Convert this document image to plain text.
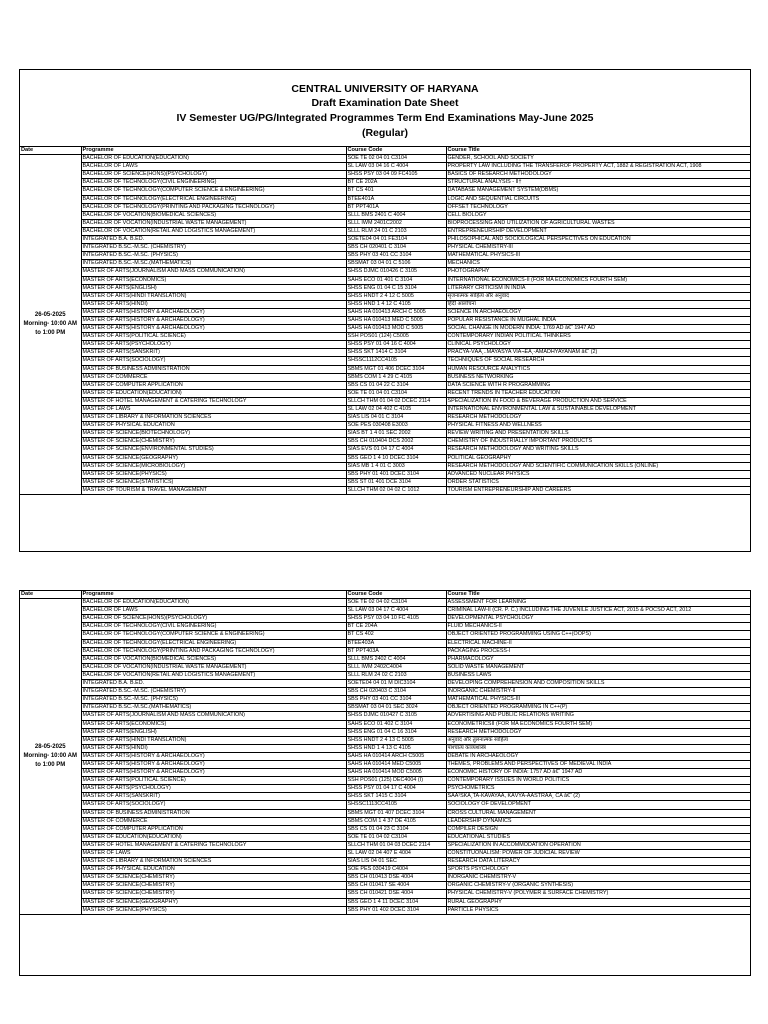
CENTRAL UNIVERSITY OF HARYANA
Draft Examination Date Sheet
IV Semester UG/PG/Integrated Programmes Term End Examinations May-June 2025
(Regular)
Date	Programme	Course Code	Course Title

26-05-2025
Morning- 10:00 AM to 1:00 PM	BACHELOR OF EDUCATION(EDUCATION)	SOE TE 02 04 01 C3104	GENDER, SCHOOL AND SOCIETY
	BACHELOR OF LAWS	SL LAW 03 04 16 C 4004	PROPERTY LAW INCLUDING THE TRANSFEROF PROPERTY ACT, 1882 & REGISTRATION ACT, 1908
	BACHELOR OF SCIENCE(HONS)(PSYCHOLOGY)	SHSS PSY 03 04 09 FC4105	BASICS OF RESEARCH METHODOLOGY
	BACHELOR OF TECHNOLOGY(CIVIL ENGINEERING)	BT CE 202A	STRUCTURAL ANALYSIS - II†
	BACHELOR OF TECHNOLOGY(COMPUTER SCIENCE & ENGINEERING)	BT CS 401	DATABASE MANAGEMENT SYSTEM(DBMS)
	BACHELOR OF TECHNOLOGY(ELECTRICAL ENGINEERING)	BTEE401A	LOGIC AND SEQUENTIAL CIRCUITS
	BACHELOR OF TECHNOLOGY(PRINTING AND PACKAGING TECHNOLOGY)	BT PPT401A	OFFSET TECHNOLOGY
	BACHELOR OF VOCATION(BIOMEDICAL SCIENCES)	SLLL BMS 2401 C 4004	CELL BIOLOGY
	BACHELOR OF VOCATION(INDUSTRIAL WASTE MANAGEMENT)	SLLL IWM 2401C2002	BIOPROCESSING AND UTILIZATION OF AGRICULTURAL WASTES
	BACHELOR OF VOCATION(RETAIL AND LOGISTICS MANAGEMENT)	SLLL RLM 24 01 C 2103	ENTREPRENEURSHIP DEVELOPMENT
	INTEGRATED B.A. B.ED.	SOETE04 04 01 FE3104	PHILOSOPHICAL AND SOCIOLOGICAL PERSPECTIVES ON EDUCATION
	INTEGRATED B.SC.-M.SC. (CHEMISTRY)	SBS CH 020401 C 3104	PHYSICAL CHEMISTRY-III
	INTEGRATED B.SC.-M.SC. (PHYSICS)	SBS PHY 03 401 CC 3104	MATHEMATICAL PHYSICS-III
	INTEGRATED B.SC.-M.SC.(MATHEMATICS)	SBSMAT 03 04 01 C 5106	MECHANICS
	MASTER OF ARTS(JOURNALISM AND MASS COMMUNICATION)	SHSS DJMC 010426 C 3105	PHOTOGRAPHY
	MASTER OF ARTS(ECONOMICS)	SAHS ECO 01 401 C 3104	INTERNATIONAL ECONOMICS-II (FOR MA ECONOMICS FOURTH SEM)
	MASTER OF ARTS(ENGLISH)	SHSS ENG 01 04 C 15 3104	LITERARY CRITICISM IN INDIA
	MASTER OF ARTS(HINDI TRANSLATION)	SHSS HNDT 2 4 12 C 5005	सृजनात्मक साहित्य और अनुवाद
	MASTER OF ARTS(HINDI)	SHSS HND 1 4 12 C 4105	हिंदी आलोचना
	MASTER OF ARTS(HISTORY & ARCHAEOLOGY)	SAHS HA 010413 ARCH C 5005	SCIENCE IN ARCHAEOLOGY
	MASTER OF ARTS(HISTORY & ARCHAEOLOGY)	SAHS HA 010413 MED C 5005	POPULAR RESISTANCE IN MUGHAL INDIA
	MASTER OF ARTS(HISTORY & ARCHAEOLOGY)	SAHS HA 010413 MOD C 5005	SOCIAL CHANGE IN MODERN INDIA: 1769 AD â€“ 1947 AD
	MASTER OF ARTS(POLITICAL SCIENCE)	SSH POS01 (124) C5005	CONTEMPORARY INDIAN POLITICAL THINKERS
	MASTER OF ARTS(PSYCHOLOGY)	SHSS PSY 01 04 16 C 4004	CLINICAL PSYCHOLOGY
	MASTER OF ARTS(SANSKRIT)	SHSS SKT 1414 C 3104	PRÄCYA-VÄÃ¸..MAYASYA VIÃ¬ÉÃ¸-AMADHYAYANAM â€“ (2)
	MASTER OF ARTS(SOCIOLOGY)	SHSSC1112CC4105	TECHNIQUES OF SOCIAL RESEARCH
	MASTER OF BUSINESS ADMINISTRATION	SBMS MGT 01 406 DCEC 3104	HUMAN RESOURCE ANALYTICS
	MASTER OF COMMERCE	SBMS COM 1 4 29 C 4105	BUSINESS NETWORKING
	MASTER OF COMPUTER APPLICATION	SBS CS 01 04 22 C 3104	DATA SCIENCE WITH R PROGRAMMING
	MASTER OF EDUCATION(EDUCATION)	SOE TE 01 04 01 C3104	RECENT TRENDS IN TEACHER EDUCATION
	MASTER OF HOTEL MANAGEMENT & CATERING TECHNOLOGY	SLLCH THM 01 04 02 DCEC 2114	SPECIALIZATION IN FOOD & BEVERAGE PRODUCTION AND SERVICE
	MASTER OF LAWS	SL LAW 02 04 402 C 4105	INTERNATIONAL ENVIRONMENTAL LAW & SUSTAINABLE DEVELOPMENT
	MASTER OF LIBRARY & INFORMATION SCIENCES	SIAS LIS 04 01 C 3104	RESEARCH METHODOLOGY
	MASTER OF PHYSICAL EDUCATION	SOE PES 030408 E3003	PHYSICAL FITNESS AND WELLNESS
	MASTER OF SCIENCE(BIOTECHNOLOGY)	SIAS BT 1 4 01 SEC 2002	REVIEW WRITING AND PRESENTATION SKILLS
	MASTER OF SCIENCE(CHEMISTRY)	SBS CH 010404 DCS 2002	CHEMISTRY OF INDUSTRIALLY IMPORTANT PRODUCTS
	MASTER OF SCIENCE(ENVIRONMENTAL STUDIES)	SIAS EVS 01 04 17 C 4004	RESEARCH METHODOLOGY AND WRITING SKILLS
	MASTER OF SCIENCE(GEOGRAPHY)	SBS GEO 1 4 10 DCEC 3104	POLITICAL GEOGRAPHY
	MASTER OF SCIENCE(MICROBIOLOGY)	SIAS MB 1 4 01 C 3003	RESEARCH METHODOLOGY AND SCIENTIFIC COMMUNICATION SKILLS (ONLINE)
	MASTER OF SCIENCE(PHYSICS)	SBS PHY 01 401 DCEC 3104	ADVANCED NUCLEAR PHYSICS
	MASTER OF SCIENCE(STATISTICS)	SBS ST 01 401 DCE 3104	ORDER STATISTICS
	MASTER OF TOURISM & TRAVEL MANAGEMENT	SLLCH THM 02 04 02 C 1012	TOURISM ENTREPRENEURSHIP AND CAREERS
Date	Programme	Course Code	Course Title

28-05-2025
Morning- 10:00 AM to 1:00 PM	BACHELOR OF EDUCATION(EDUCATION)	SOE TE 02 04 02 C3104	ASSESSMENT FOR LEARNING
	BACHELOR OF LAWS	SL LAW 03 04 17 C 4004	CRIMINAL LAW-II (CR. P. C.) INCLUDING THE JUVENILE JUSTICE ACT, 2015 & POCSO ACT, 2012
	BACHELOR OF SCIENCE(HONS)(PSYCHOLOGY)	SHSS PSY 03 04 10 FC 4105	DEVELOPMENTAL PSYCHOLOGY
	BACHELOR OF TECHNOLOGY(CIVIL ENGINEERING)	BT CE 204A	FLUID MECHANICS-II
	BACHELOR OF TECHNOLOGY(COMPUTER SCIENCE & ENGINEERING)	BT CS 402	OBJECT ORIENTED PROGRAMMING USING C++(OOPS)
	BACHELOR OF TECHNOLOGY(ELECTRICAL ENGINEERING)	BTEE403A	ELECTRICAL MACHINE-II
	BACHELOR OF TECHNOLOGY(PRINTING AND PACKAGING TECHNOLOGY)	BT PPT403A	PACKAGING PROCESS-I
	BACHELOR OF VOCATION(BIOMEDICAL SCIENCES)	SLLL BMS 2402 C 4004	PHARMACOLOGY
	BACHELOR OF VOCATION(INDUSTRIAL WASTE MANAGEMENT)	SLLL IWM 2402C4004	SOLID WASTE MANAGEMENT
	BACHELOR OF VOCATION(RETAIL AND LOGISTICS MANAGEMENT)	SLLL RLM 24 02 C 2103	BUSINESS LAWS
	INTEGRATED B.A. B.ED.	SOETE04 04 01 M DIC3104	DEVELOPING COMPREHENSION AND COMPOSITION SKILLS
	INTEGRATED B.SC.-M.SC. (CHEMISTRY)	SBS CH 020403 C 3104	INORGANIC CHEMISTRY-II
	INTEGRATED B.SC.-M.SC. (PHYSICS)	SBS PHY 03 401 CC 3104	MATHEMATICAL PHYSICS-III
	INTEGRATED B.SC.-M.SC.(MATHEMATICS)	SBSMAT 03 04 01 SEC 3024	OBJECT ORIENTED PROGRAMMING IN C++(P)
	MASTER OF ARTS(JOURNALISM AND MASS COMMUNICATION)	SHSS DJMC 010427 C 3105	ADVERTISING AND PUBLIC RELATIONS WRITING
	MASTER OF ARTS(ECONOMICS)	SAHS ECO 01 402 C 3104	ECONOMETRICSII (FOR MA ECONOMICS FOURTH SEM)
	MASTER OF ARTS(ENGLISH)	SHSS ENG 01 04 C 16 3104	RESEARCH METHODOLOGY
	MASTER OF ARTS(HINDI TRANSLATION)	SHSS HNDT 2 4 13 C 5005	अनुवाद और तुलनात्मक साहित्य
	MASTER OF ARTS(HINDI)	SHSS HND 1 4 13 C 4105	पाश्चात्य काव्यशास्त्र
	MASTER OF ARTS(HISTORY & ARCHAEOLOGY)	SAHS HA 010414 ARCH C5005	DEBATE IN ARCHAEOLOGY
	MASTER OF ARTS(HISTORY & ARCHAEOLOGY)	SAHS HA 010414 MED C5005	THEMES, PROBLEMS AND PERSPECTIVES OF MEDIEVAL INDIA
	MASTER OF ARTS(HISTORY & ARCHAEOLOGY)	SAHS HA 010414 MOD C5005	ECONOMIC HISTORY OF INDIA: 1757 AD â€“ 1947 AD
	MASTER OF ARTS(POLITICAL SCIENCE)	SSH POS01 (125) DEC4004 (I)	CONTEMPORARY ISSUES IN WORLD POLITICS
	MASTER OF ARTS(PSYCHOLOGY)	SHSS PSY 01 04 17 C 4004	PSYCHOMETRICS
	MASTER OF ARTS(SANSKRIT)	SHSS SKT 1415 C 3104	SAÃ¹SKÃ¸TA-KAVAYAÃ, KÄVYA-ÃÄSTRAÃ¸ CA â€“ (2)
	MASTER OF ARTS(SOCIOLOGY)	SHSSC1113CC4105	SOCIOLOGY OF DEVELOPMENT
	MASTER OF BUSINESS ADMINISTRATION	SBMS MGT 01 407 DCEC 3104	CROSS CULTURAL MANAGEMENT
	MASTER OF COMMERCE	SBMS COM 1 4 37 DE 4105	LEADERSHIP DYNAMICS
	MASTER OF COMPUTER APPLICATION	SBS CS 01 04 23 C 3104	COMPILER DESIGN
	MASTER OF EDUCATION(EDUCATION)	SOE TE 01 04 02 C3104	EDUCATIONAL STUDIES
	MASTER OF HOTEL MANAGEMENT & CATERING TECHNOLOGY	SLLCH THM 01 04 03 DCEC 2114	SPECIALIZATION IN ACCOMMODATION OPERATION
	MASTER OF LAWS	SL LAW 02 04 407 E 4004	CONSTITUONALISM: POWER OF JUDICIAL REVIEW
	MASTER OF LIBRARY & INFORMATION SCIENCES	SIAS LIS 04 01 SEC	RESEARCH DATA LITERACY
	MASTER OF PHYSICAL EDUCATION	SOE PES 030419 C4004	SPORTS PSYCHOLOGY
	MASTER OF SCIENCE(CHEMISTRY)	SBS CH 010413 DSE 4004	INORGANIC CHEMISTRY-V
	MASTER OF SCIENCE(CHEMISTRY)	SBS CH 010417 SE 4004	ORGANIC CHEMISTRY-V (ORGANIC SYNTHESIS)
	MASTER OF SCIENCE(CHEMISTRY)	SBS CH 010421 DSE 4004	PHYSICAL CHEMISTRY-V (POLYMER & SURFACE CHEMISTRY)
	MASTER OF SCIENCE(GEOGRAPHY)	SBS GEO 1 4 11 DCEC 3104	RURAL GEOGRAPHY
	MASTER OF SCIENCE(PHYSICS)	SBS PHY 01 402 DCEC 3104	PARTICLE PHYSICS
